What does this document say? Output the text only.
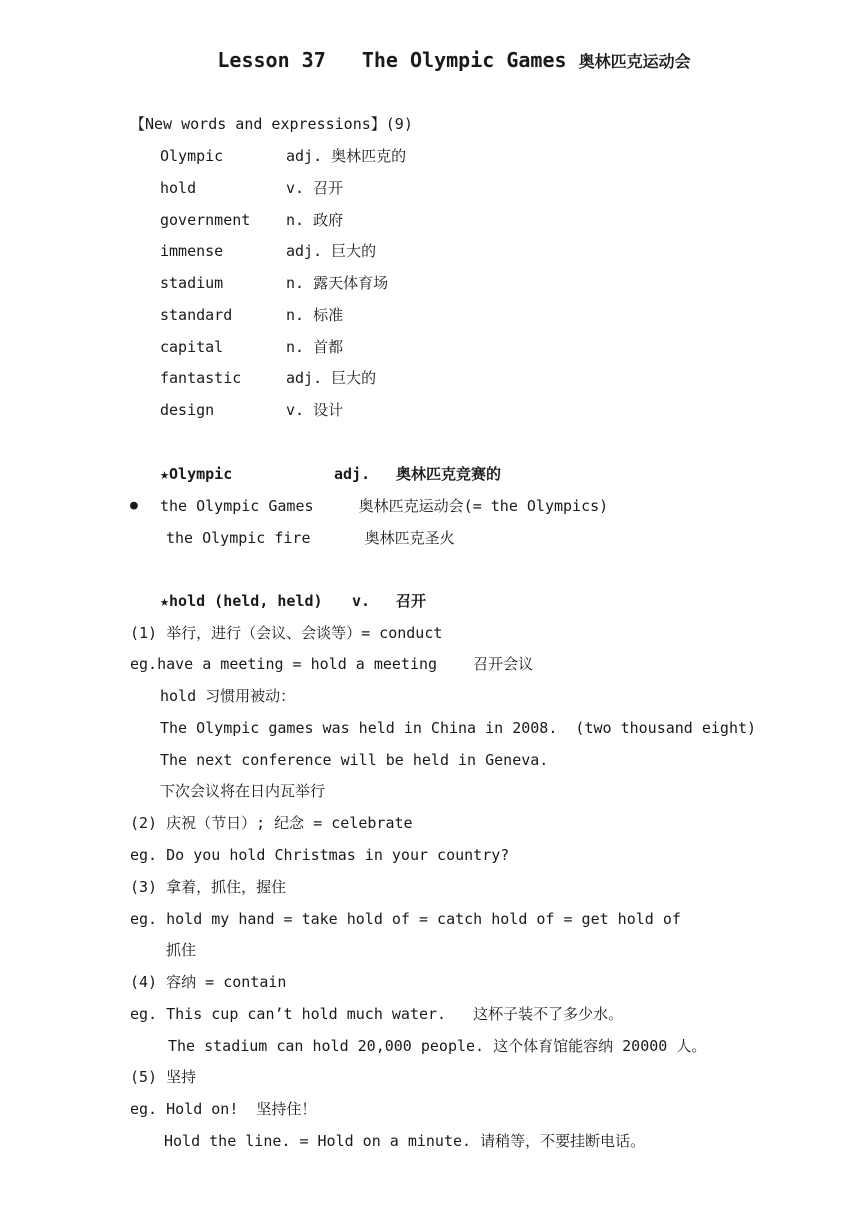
Lesson 37   The Olympic Games 奥林匹克运动会
【New words and expressions】(9)
Olympic	adj. 奥林匹克的
hold	v. 召开
government n. 政府
immense	adj. 巨大的
stadium	n. 露天体育场
standard	n. 标准
capital	n. 首都
fantastic	adj. 巨大的
design	v. 设计
★Olympic	adj. 奥林匹克竞赛的
● the Olympic Games     奥林匹克运动会(= the Olympics)
the Olympic fire      奥林匹克圣火
★hold (held, held) v. 召开
(1) 举行，进行（会议、会谈等）= conduct
eg.have a meeting = hold a meeting    召开会议
hold 习惯用被动：
The Olympic games was held in China in 2008.  (two thousand eight)
The next conference will be held in Geneva.
下次会议将在日内瓦举行
(2) 庆祝（节日）; 纪念 = celebrate
eg. Do you hold Christmas in your country?
(3) 拿着，抓住，握住
eg. hold my hand = take hold of = catch hold of = get hold of
抓住
(4) 容纳 = contain
eg. This cup can’t hold much water.   这杯子装不了多少水。
The stadium can hold 20,000 people. 这个体育馆能容纳 20000 人。
(5) 坚持
eg. Hold on!  坚持住！
Hold the line. = Hold on a minute. 请稍等，不要挂断电话。
